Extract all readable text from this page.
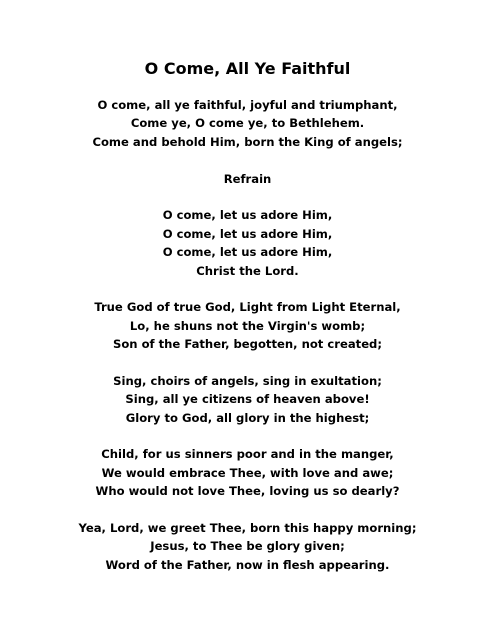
O Come, All Ye Faithful
O come, all ye faithful, joyful and triumphant,
Come ye, O come ye, to Bethlehem.
Come and behold Him, born the King of angels;
Refrain
O come, let us adore Him,
O come, let us adore Him,
O come, let us adore Him,
Christ the Lord.
True God of true God, Light from Light Eternal,
Lo, he shuns not the Virgin's womb;
Son of the Father, begotten, not created;
Sing, choirs of angels, sing in exultation;
Sing, all ye citizens of heaven above!
Glory to God, all glory in the highest;
Child, for us sinners poor and in the manger,
We would embrace Thee, with love and awe;
Who would not love Thee, loving us so dearly?
Yea, Lord, we greet Thee, born this happy morning;
Jesus, to Thee be glory given;
Word of the Father, now in flesh appearing.
